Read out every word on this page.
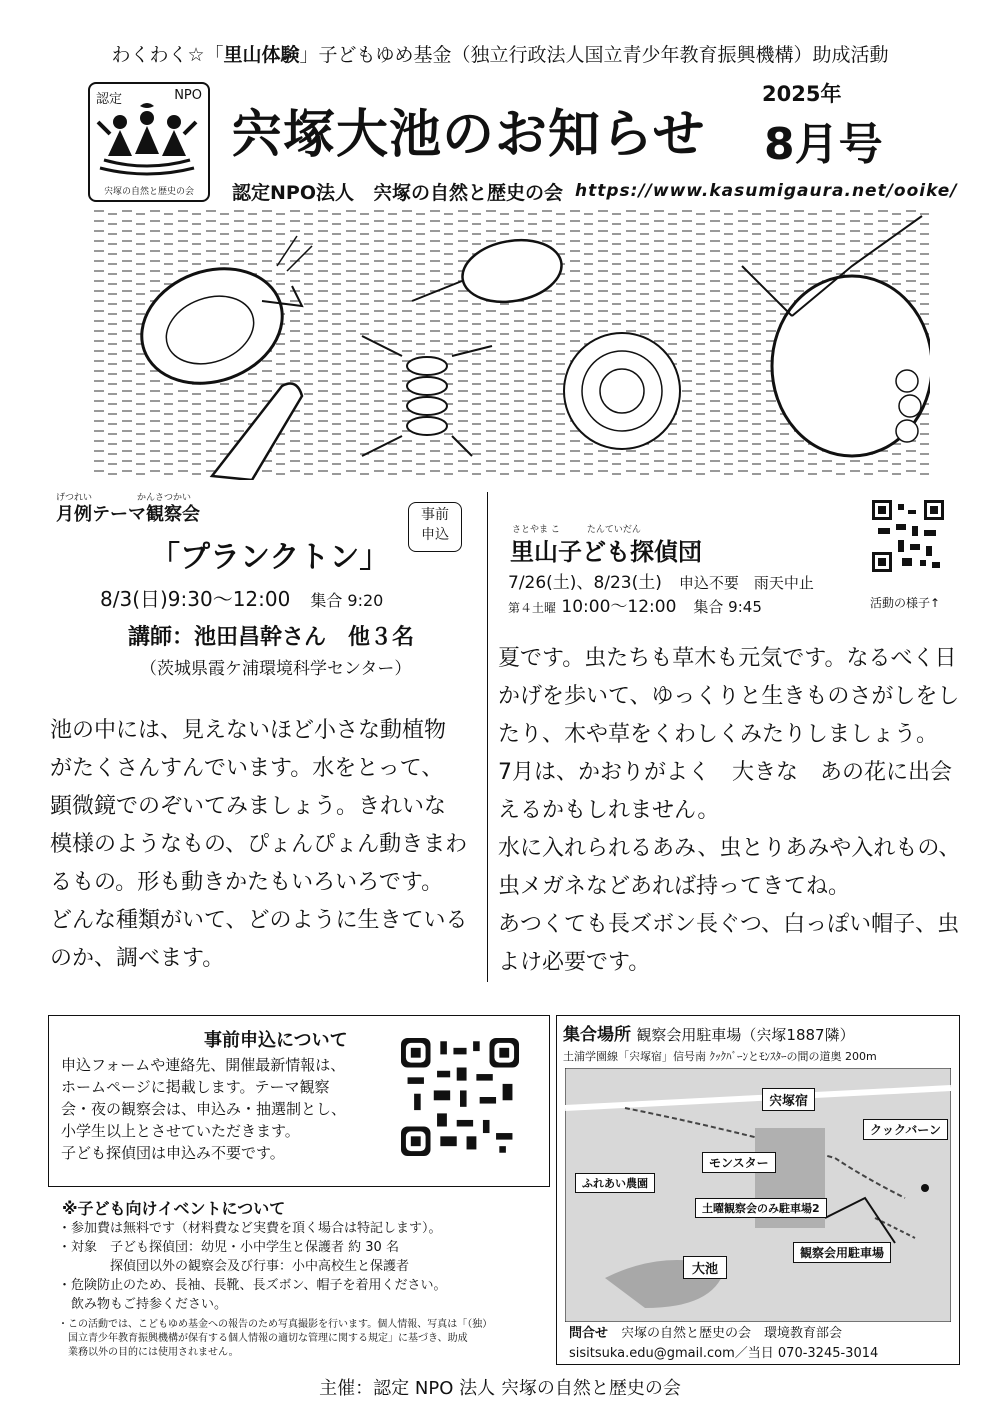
わくわく☆「里山体験」子どもゆめ基金（独立行政法人国立青少年教育振興機構）助成活動
認定	NPO
宍塚の自然と歴史の会
宍塚大池のお知らせ
2025年
8月号
認定NPO法人　宍塚の自然と歴史の会 https://www.kasumigaura.net/ooike/
げつれい　　　　　かんさつかい
月例テーマ観察会	事前
申込
「プランクトン」
8/3(日)9:30〜12:00　 集合 9:20
講師：池田昌幹さん　他３名
（茨城県霞ケ浦環境科学センター）
池の中には、見えないほど小さな動植物
がたくさんすんでいます。水をとって、
顕微鏡でのぞいてみましょう。きれいな
模様のようなもの、ぴょんぴょん動きまわ
るもの。形も動きかたもいろいろです。
どんな種類がいて、どのように生きている
のか、調べます。
さとやま こ　　　たんていだん
里山子ども探偵団
7/26(土)、8/23(土)　 申込不要　雨天中止
第４土曜 10:00〜12:00　 集合 9:45	活動の様子↑
夏です。虫たちも草木も元気です。なるべく日
かげを歩いて、ゆっくりと生きものさがしをし
たり、木や草をくわしくみたりしましょう。
7月は、かおりがよく　大きな　あの花に出会
えるかもしれません。
水に入れられるあみ、虫とりあみや入れもの、
虫メガネなどあれば持ってきてね。
あつくても長ズボン長ぐつ、白っぽい帽子、虫
よけ必要です。
事前申込について
申込フォームや連絡先、開催最新情報は、
ホームページに掲載します。テーマ観察
会・夜の観察会は、申込み・抽選制とし、
小学生以上とさせていただきます。
子ども探偵団は申込み不要です。
※子ども向けイベントについて
・参加費は無料です（材料費など実費を頂く場合は特記します）。
・対象　子ども探偵団：幼児・小中学生と保護者 約 30 名
　　　　探偵団以外の観察会及び行事：小中高校生と保護者
・危険防止のため、長袖、長靴、長ズボン、帽子を着用ください。
　飲み物もご持参ください。
・この活動では、こどもゆめ基金への報告のため写真撮影を行います。個人情報、写真は「（独）
　国立青少年教育振興機構が保有する個人情報の適切な管理に関する規定」に基づき、助成
　業務以外の目的には使用されません。
集合場所 観察会用駐車場（宍塚1887隣）
土浦学園線「宍塚宿」信号南 ｸｯｸﾊﾞｰﾝとﾓﾝｽﾀｰの間の道奥 200m
宍塚宿
クックバーン
モンスター
ふれあい農園
土曜観察会のみ駐車場2
大池
観察会用駐車場
問合せ　 宍塚の自然と歴史の会　環境教育部会
sisitsuka.edu@gmail.com／当日 070-3245-3014
主催：認定 NPO 法人 宍塚の自然と歴史の会
